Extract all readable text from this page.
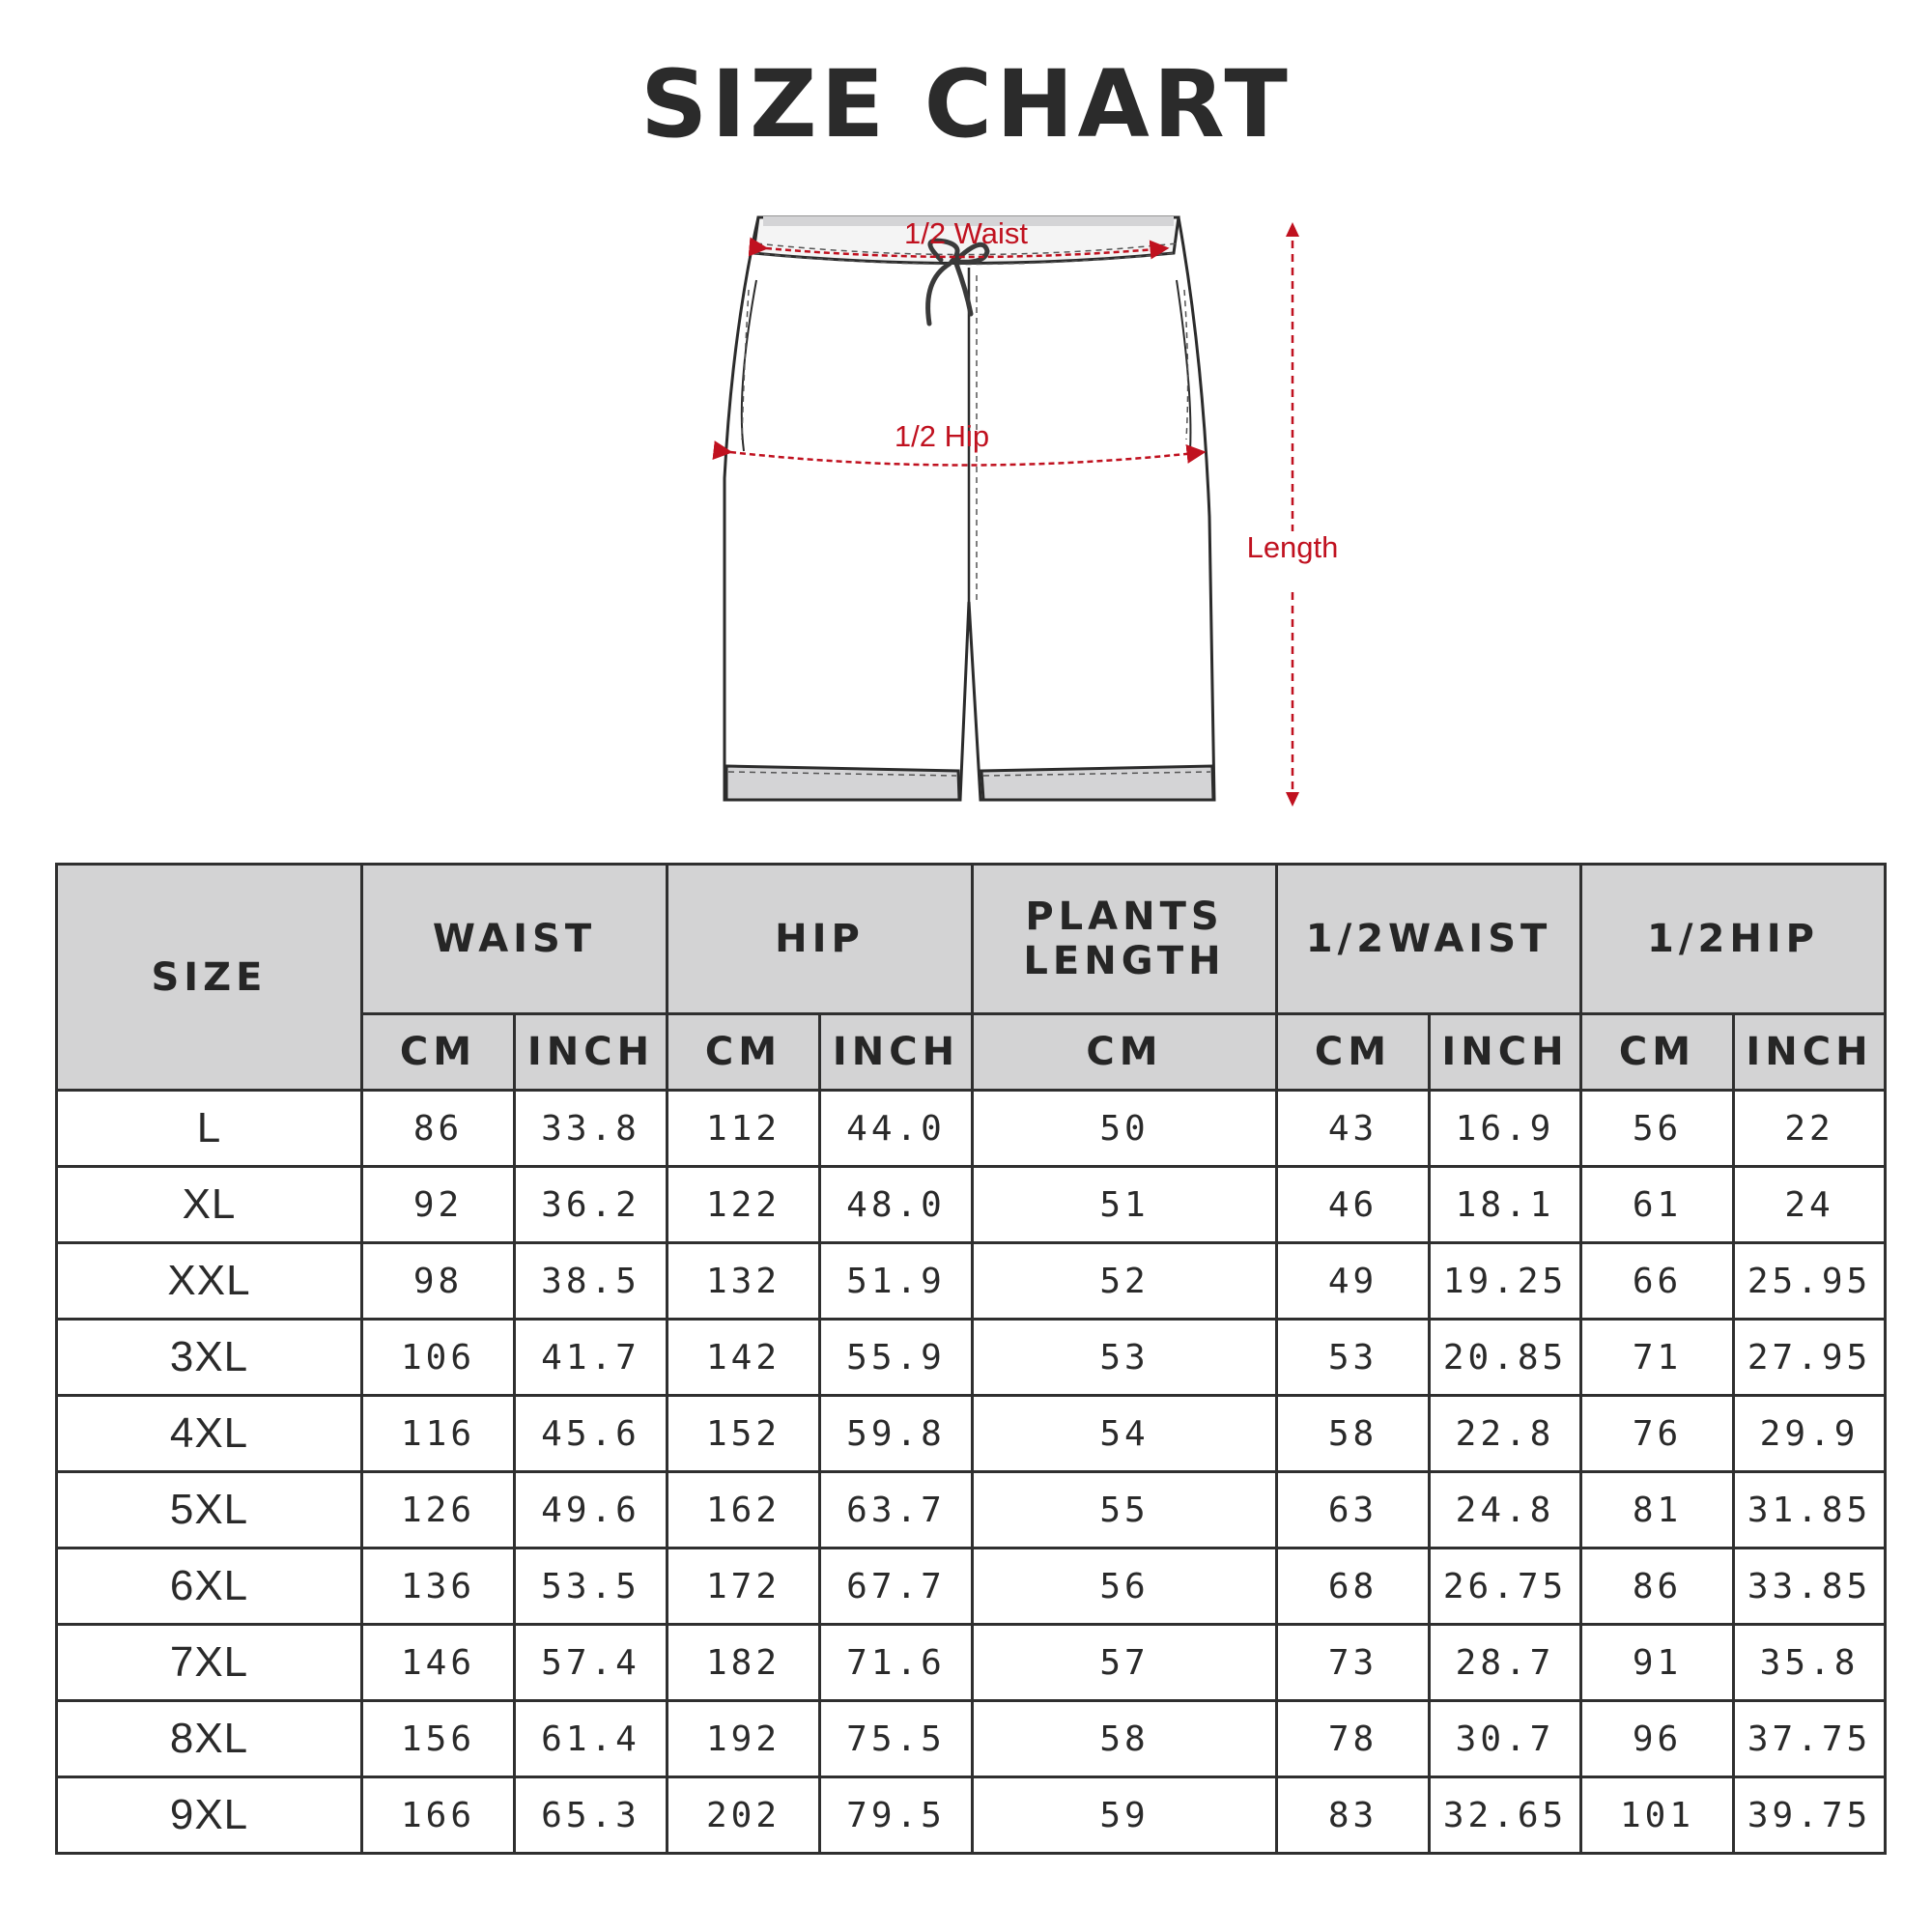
SIZE CHART
1/2 Waist
1/2 Hip
Length
SIZE	WAIST		HIP		PLANTS LENGTH	1/2WAIST		1/2HIP	
	CM	INCH	CM	INCH	CM	CM	INCH	CM	INCH
L	86	33.8	112	44.0	50	43	16.9	56	22
XL	92	36.2	122	48.0	51	46	18.1	61	24
XXL	98	38.5	132	51.9	52	49	19.25	66	25.95
3XL	106	41.7	142	55.9	53	53	20.85	71	27.95
4XL	116	45.6	152	59.8	54	58	22.8	76	29.9
5XL	126	49.6	162	63.7	55	63	24.8	81	31.85
6XL	136	53.5	172	67.7	56	68	26.75	86	33.85
7XL	146	57.4	182	71.6	57	73	28.7	91	35.8
8XL	156	61.4	192	75.5	58	78	30.7	96	37.75
9XL	166	65.3	202	79.5	59	83	32.65	101	39.75
